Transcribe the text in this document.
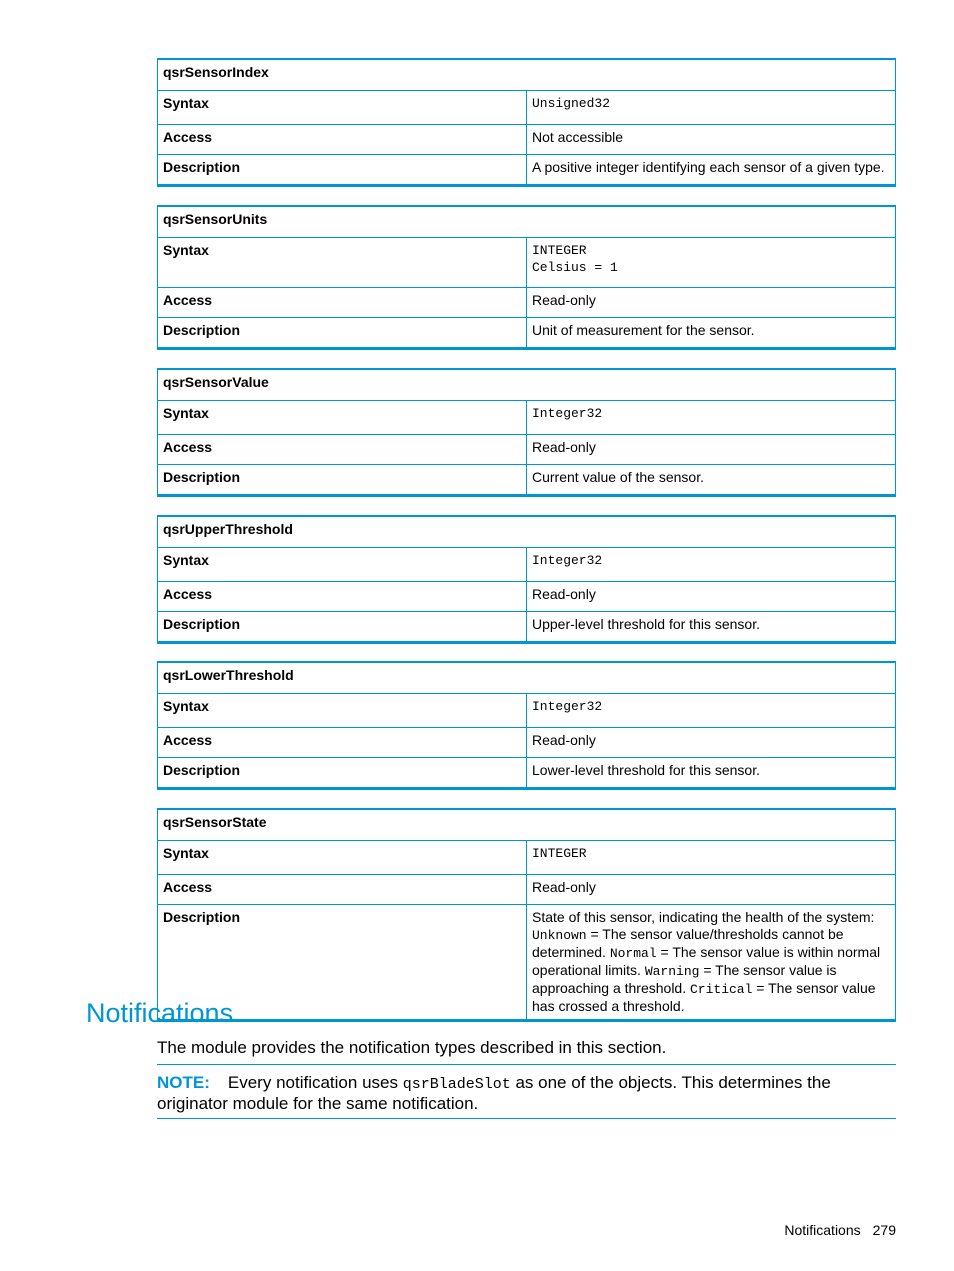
qsrSensorIndex	
Syntax	Unsigned32
Access	Not accessible
Description	A positive integer identifying each sensor of a given type.
qsrSensorUnits	
Syntax	INTEGER
Celsius = 1
Access	Read-only
Description	Unit of measurement for the sensor.
qsrSensorValue	
Syntax	Integer32
Access	Read-only
Description	Current value of the sensor.
qsrUpperThreshold	
Syntax	Integer32
Access	Read-only
Description	Upper-level threshold for this sensor.
qsrLowerThreshold	
Syntax	Integer32
Access	Read-only
Description	Lower-level threshold for this sensor.
qsrSensorState	
Syntax	INTEGER
Access	Read-only
Description	State of this sensor, indicating the health of the system: Unknown = The sensor value/thresholds cannot be determined. Normal = The sensor value is within normal operational limits. Warning = The sensor value is approaching a threshold. Critical = The sensor value has crossed a threshold.
Notifications

The module provides the notification types described in this section.

NOTE: Every notification uses qsrBladeSlot as one of the objects. This determines the originator module for the same notification.
Notifications 279
